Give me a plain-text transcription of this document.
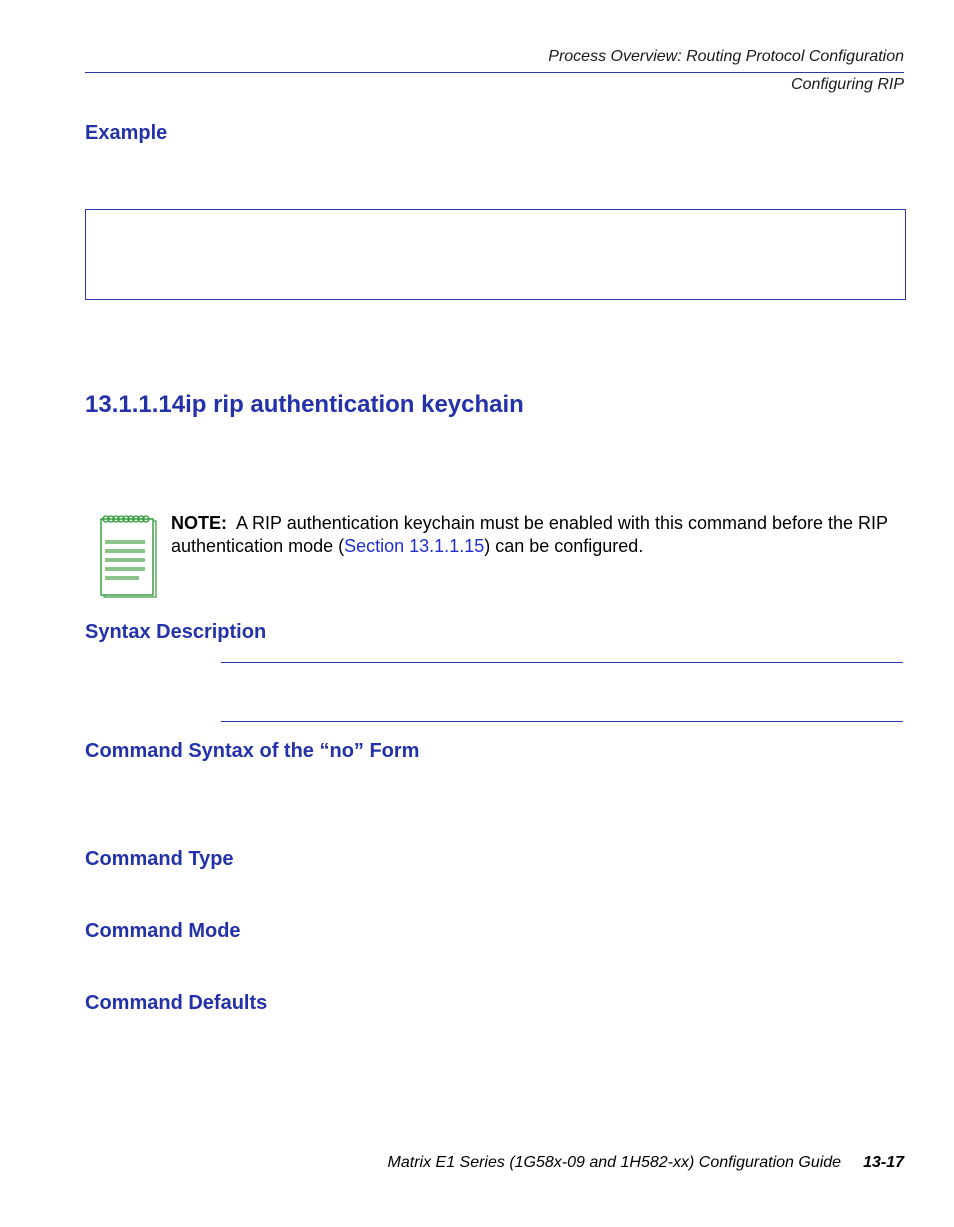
Process Overview: Routing Protocol Configuration
Configuring RIP
Example
13.1.1.14ip rip authentication keychain
NOTE: A RIP authentication keychain must be enabled with this command before the RIP authentication mode (Section 13.1.1.15) can be configured.
Syntax Description
Command Syntax of the “no” Form
Command Type
Command Mode
Command Defaults
Matrix E1 Series (1G58x-09 and 1H582-xx) Configuration Guide 13-17
